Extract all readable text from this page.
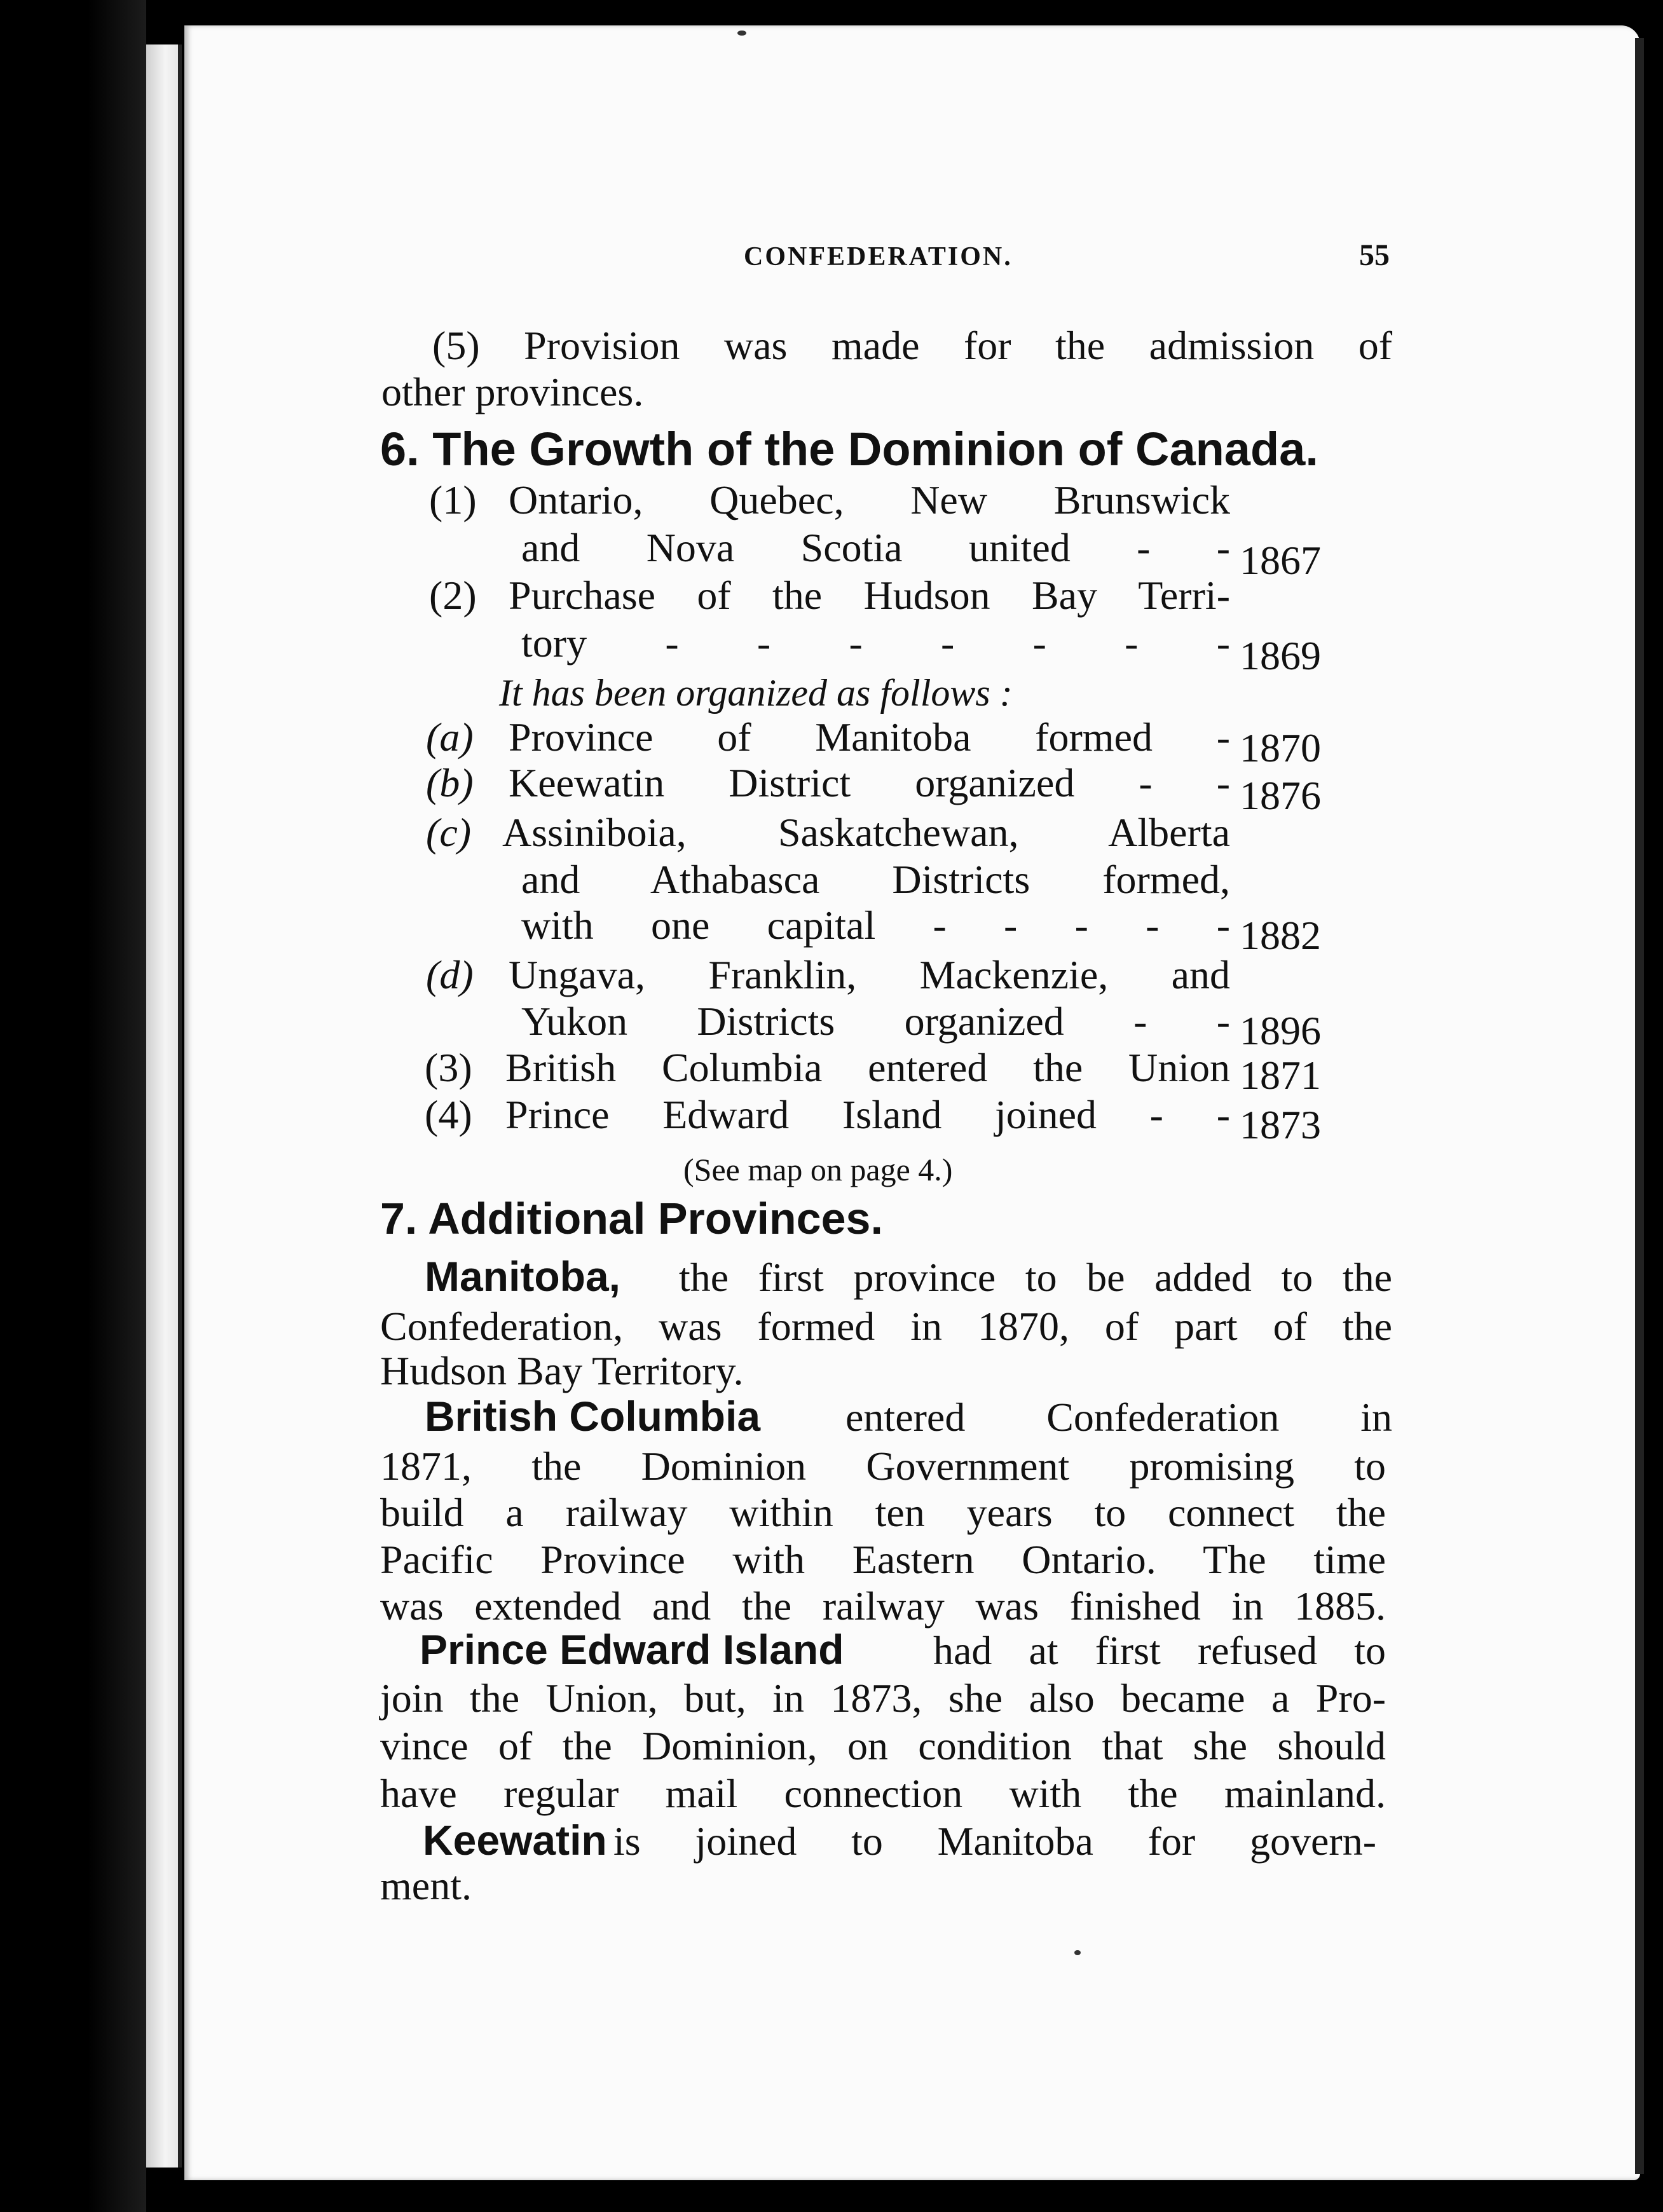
CONFEDERATION.	55
(5) Provision was made for the admission of
other provinces.
6. The Growth of the Dominion of Canada.
(1) Ontario, Quebec, New Brunswick
and Nova Scotia united - - 1867
(2) Purchase of the Hudson Bay Terri-
tory - - - - - - - 1869
It has been organized as follows :
(a) Province of Manitoba formed - 1870
(b) Keewatin District organized - - 1876
(c) Assiniboia, Saskatchewan, Alberta
and Athabasca Districts formed,
with one capital - - - - - 1882
(d) Ungava, Franklin, Mackenzie, and
Yukon Districts organized - - 1896
(3) British Columbia entered the Union 1871
(4) Prince Edward Island joined - - 1873
(See map on page 4.)
7. Additional Provinces.
Manitoba, the first province to be added to the
Confederation, was formed in 1870, of part of the
Hudson Bay Territory.
British Columbia entered Confederation in
1871, the Dominion Government promising to
build a railway within ten years to connect the
Pacific Province with Eastern Ontario. The time
was extended and the railway was finished in 1885.
Prince Edward Island had at first refused to
join the Union, but, in 1873, she also became a Pro-
vince of the Dominion, on condition that she should
have regular mail connection with the mainland.
Keewatin is joined to Manitoba for govern-
ment.
